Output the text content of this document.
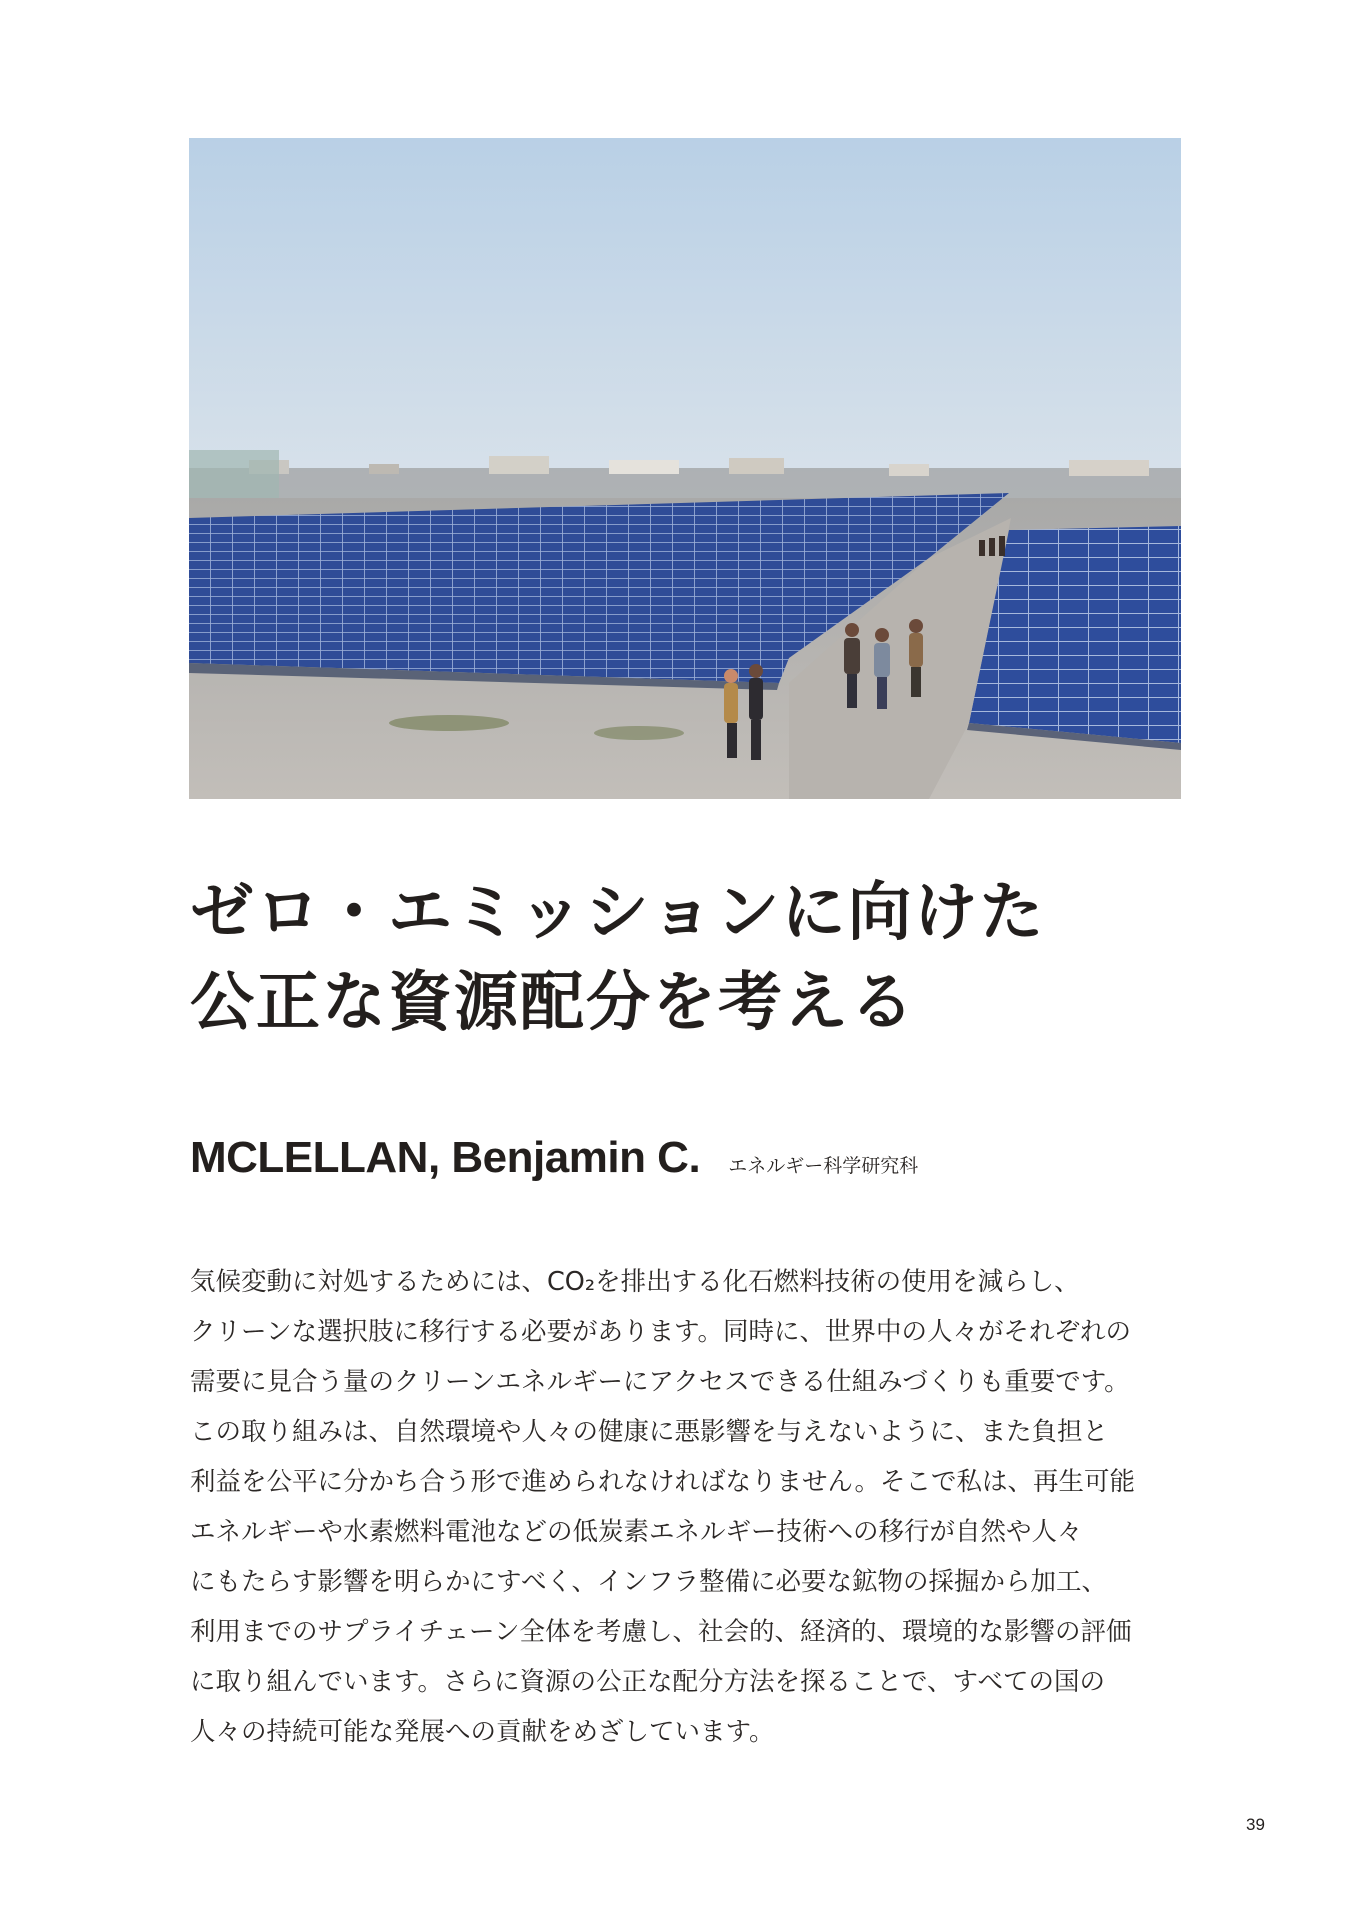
ゼロ・エミッションに向けた
公正な資源配分を考える
MCLELLAN, Benjamin C. エネルギー科学研究科

気候変動に対処するためには、CO₂を排出する化石燃料技術の使用を減らし、
クリーンな選択肢に移行する必要があります。同時に、世界中の人々がそれぞれの
需要に見合う量のクリーンエネルギーにアクセスできる仕組みづくりも重要です。
この取り組みは、自然環境や人々の健康に悪影響を与えないように、また負担と
利益を公平に分かち合う形で進められなければなりません。そこで私は、再生可能
エネルギーや水素燃料電池などの低炭素エネルギー技術への移行が自然や人々
にもたらす影響を明らかにすべく、インフラ整備に必要な鉱物の採掘から加工、
利用までのサプライチェーン全体を考慮し、社会的、経済的、環境的な影響の評価
に取り組んでいます。さらに資源の公正な配分方法を探ることで、すべての国の
人々の持続可能な発展への貢献をめざしています。

39
